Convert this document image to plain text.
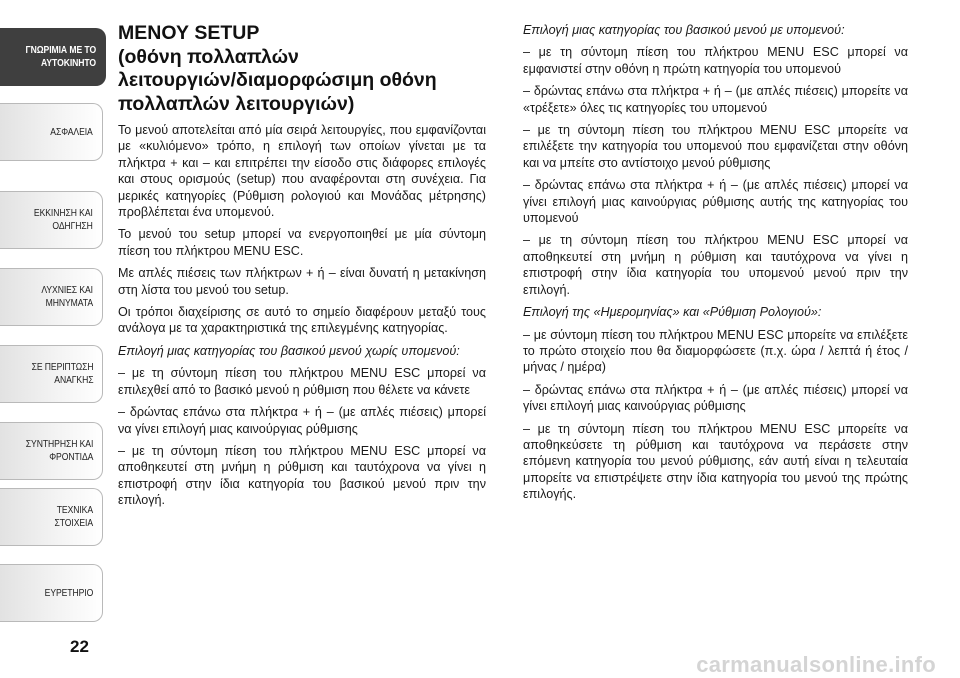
ΓΝΩΡΙΜΙΑ ΜΕ ΤΟ
ΑΥΤΟΚΙΝΗΤΟ
ΑΣΦΑΛΕΙΑ
ΕΚΚΙΝΗΣΗ ΚΑΙ
ΟΔΗΓΗΣΗ
ΛΥΧΝΙΕΣ ΚΑΙ
ΜΗΝΥΜΑΤΑ
ΣΕ ΠΕΡΙΠΤΩΣΗ
ΑΝΑΓΚΗΣ
ΣΥΝΤΗΡΗΣΗ ΚΑΙ
ΦΡΟΝΤΙΔΑ
ΤΕΧΝΙΚΑ ΣΤΟΙΧΕΙΑ
ΕΥΡΕΤΗΡΙΟ
22
ΜΕΝΟΥ SETUP
(οθόνη πολλαπλών
λειτουργιών/διαμορφώσιμη οθόνη
πολλαπλών λειτουργιών)

Το μενού αποτελείται από μία σειρά λειτουργίες, που εμφανίζονται με «κυλιόμενο» τρόπο, η επιλογή των οποίων γίνεται με τα πλήκτρα + και – και επιτρέπει την είσοδο στις διάφορες επιλογές και στους ορισμούς (setup) που αναφέρονται στη συνέχεια. Για μερικές κατηγορίες (Ρύθμιση ρολογιού και Μονάδας μέτρησης) προβλέπεται ένα υπομενού.

Το μενού του setup μπορεί να ενεργοποιηθεί με μία σύντομη πίεση του πλήκτρου MENU ESC.

Με απλές πιέσεις των πλήκτρων + ή – είναι δυνατή η μετακίνηση στη λίστα του μενού του setup.

Οι τρόποι διαχείρισης σε αυτό το σημείο διαφέρουν μεταξύ τους ανάλογα με τα χαρακτηριστικά της επιλεγμένης κατηγορίας.

Επιλογή μιας κατηγορίας του βασικού μενού χωρίς υπομενού:

– με τη σύντομη πίεση του πλήκτρου MENU ESC μπορεί να επιλεχθεί από το βασικό μενού η ρύθμιση που θέλετε να κάνετε

– δρώντας επάνω στα πλήκτρα + ή – (με απλές πιέσεις) μπορεί να γίνει επιλογή μιας καινούργιας ρύθμισης

– με τη σύντομη πίεση του πλήκτρου MENU ESC μπορεί να αποθηκευτεί στη μνήμη η ρύθμιση και ταυτόχρονα να γίνει η επιστροφή στην ίδια κατηγορία του βασικού μενού πριν την επιλογή.

Επιλογή μιας κατηγορίας του βασικού μενού με υπομενού:

– με τη σύντομη πίεση του πλήκτρου MENU ESC μπορεί να εμφανιστεί στην οθόνη η πρώτη κατηγορία του υπομενού

– δρώντας επάνω στα πλήκτρα + ή – (με απλές πιέσεις) μπορείτε να «τρέξετε» όλες τις κατηγορίες του υπομενού

– με τη σύντομη πίεση του πλήκτρου MENU ESC μπορείτε να επιλέξετε την κατηγορία του υπομενού που εμφανίζεται στην οθόνη και να μπείτε στο αντίστοιχο μενού ρύθμισης

– δρώντας επάνω στα πλήκτρα + ή – (με απλές πιέσεις) μπορεί να γίνει επιλογή μιας καινούργιας ρύθμισης αυτής της κατηγορίας του υπομενού

– με τη σύντομη πίεση του πλήκτρου MENU ESC μπορεί να αποθηκευτεί στη μνήμη η ρύθμιση και ταυτόχρονα να γίνει η επιστροφή στην ίδια κατηγορία του υπομενού μενού πριν την επιλογή.

Επιλογή της «Ημερομηνίας» και «Ρύθμιση Ρολογιού»:

– με σύντομη πίεση του πλήκτρου MENU ESC μπορείτε να επιλέξετε το πρώτο στοιχείο που θα διαμορφώσετε (π.χ. ώρα / λεπτά ή έτος / μήνας / ημέρα)

– δρώντας επάνω στα πλήκτρα + ή – (με απλές πιέσεις) μπορεί να γίνει επιλογή μιας καινούργιας ρύθμισης

– με τη σύντομη πίεση του πλήκτρου MENU ESC μπορείτε να αποθηκεύσετε τη ρύθμιση και ταυτόχρονα να περάσετε στην επόμενη κατηγορία του μενού ρύθμισης, εάν αυτή είναι η τελευταία μπορείτε να επιστρέψετε στην ίδια κατηγορία του μενού της πρώτης επιλογής.

carmanualsonline.info
